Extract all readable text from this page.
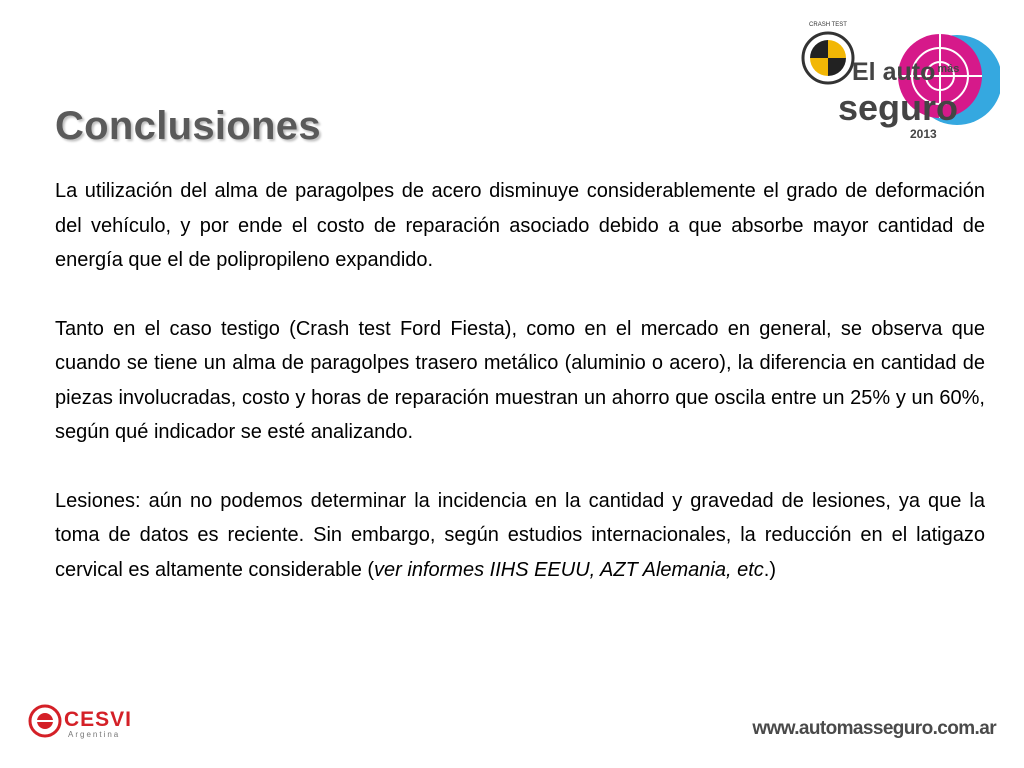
CRASH TEST
El auto $^{más}$
seguro
2013
Conclusiones

La utilización del alma de paragolpes de acero disminuye considerablemente el grado de deformación del vehículo, y por ende el costo de reparación asociado debido a que absorbe mayor cantidad de energía que el de polipropileno expandido.

Tanto en el caso testigo (Crash test Ford Fiesta), como en el mercado en general, se observa que cuando se tiene un alma de paragolpes trasero metálico (aluminio o acero), la diferencia en cantidad de piezas involucradas, costo y horas de reparación muestran un ahorro que oscila entre un 25% y un 60%, según qué indicador se esté analizando.

Lesiones: aún no podemos determinar la incidencia en la cantidad y gravedad de lesiones, ya que la toma de datos es reciente. Sin embargo, según estudios internacionales, la reducción en el latigazo cervical es altamente considerable (ver informes IIHS EEUU, AZT Alemania, etc.)

CESVI
Argentina	www.automasseguro.com.ar
